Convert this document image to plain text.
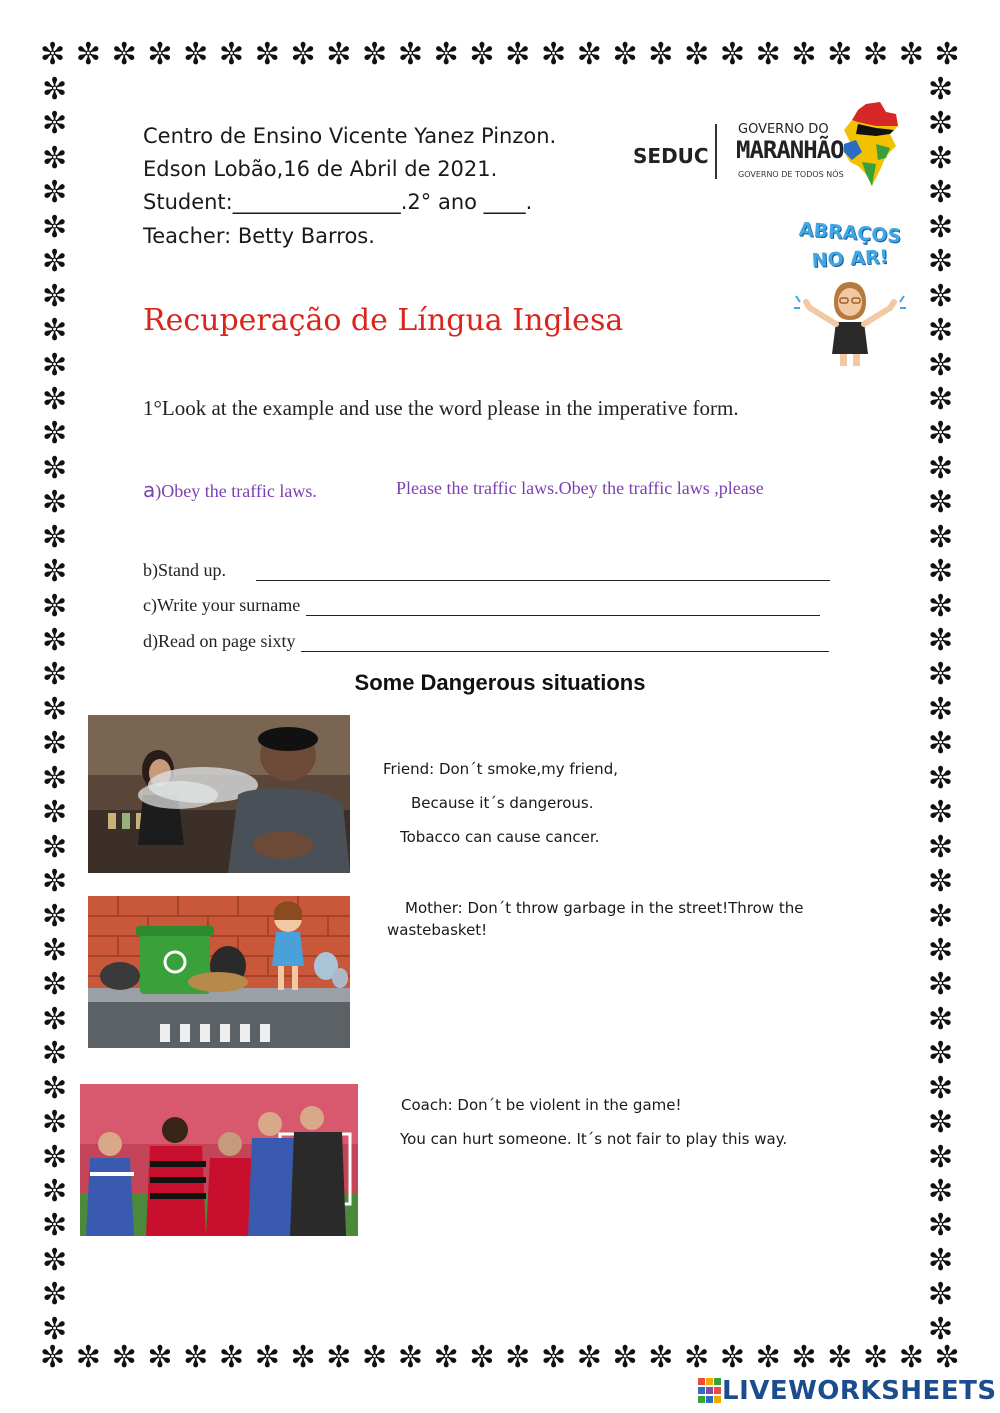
✼ ✼ ✼ ✼ ✼ ✼ ✼ ✼ ✼ ✼ ✼ ✼ ✼ ✼ ✼ ✼ ✼ ✼ ✼ ✼ ✼ ✼ ✼ ✼ ✼ ✼
✼ ✼ ✼ ✼ ✼ ✼ ✼ ✼ ✼ ✼ ✼ ✼ ✼ ✼ ✼ ✼ ✼ ✼ ✼ ✼ ✼ ✼ ✼ ✼ ✼ ✼
✼
✼
✼
✼
✼
✼
✼
✼
✼
✼
✼
✼
✼
✼
✼
✼
✼
✼
✼
✼
✼
✼
✼
✼
✼
✼
✼
✼
✼
✼
✼
✼
✼
✼
✼
✼
✼
✼
✼
✼
✼
✼
✼
✼
✼
✼
✼
✼
✼
✼
✼
✼
✼
✼
✼
✼
✼
✼
✼
✼
✼
✼
✼
✼
✼
✼
✼
✼
✼
✼
✼
✼
✼
✼
Centro de Ensino Vicente Yanez Pinzon.
Edson Lobão,16 de Abril de 2021.
Student:________________.2° ano ____.
Teacher: Betty Barros.
SEDUC
GOVERNO DO
MARANHÃO
GOVERNO DE TODOS NÓS
ABRAÇOS
NO AR!
Recuperação de Língua Inglesa
1°Look at the example and use the word please in the imperative form.
a)Obey the traffic laws.	Please the traffic laws.Obey the traffic laws ,please
b)Stand up.
c)Write your surname
d)Read on page sixty
Some Dangerous situations
Friend: Don´t smoke,my friend,
Because it´s dangerous.
Tobacco can cause cancer.
Mother: Don´t throw garbage in the street!Throw the
wastebasket!
Coach: Don´t be violent in the game!
You can hurt someone. It´s not fair to play this way.
LIVEWORKSHEETS
